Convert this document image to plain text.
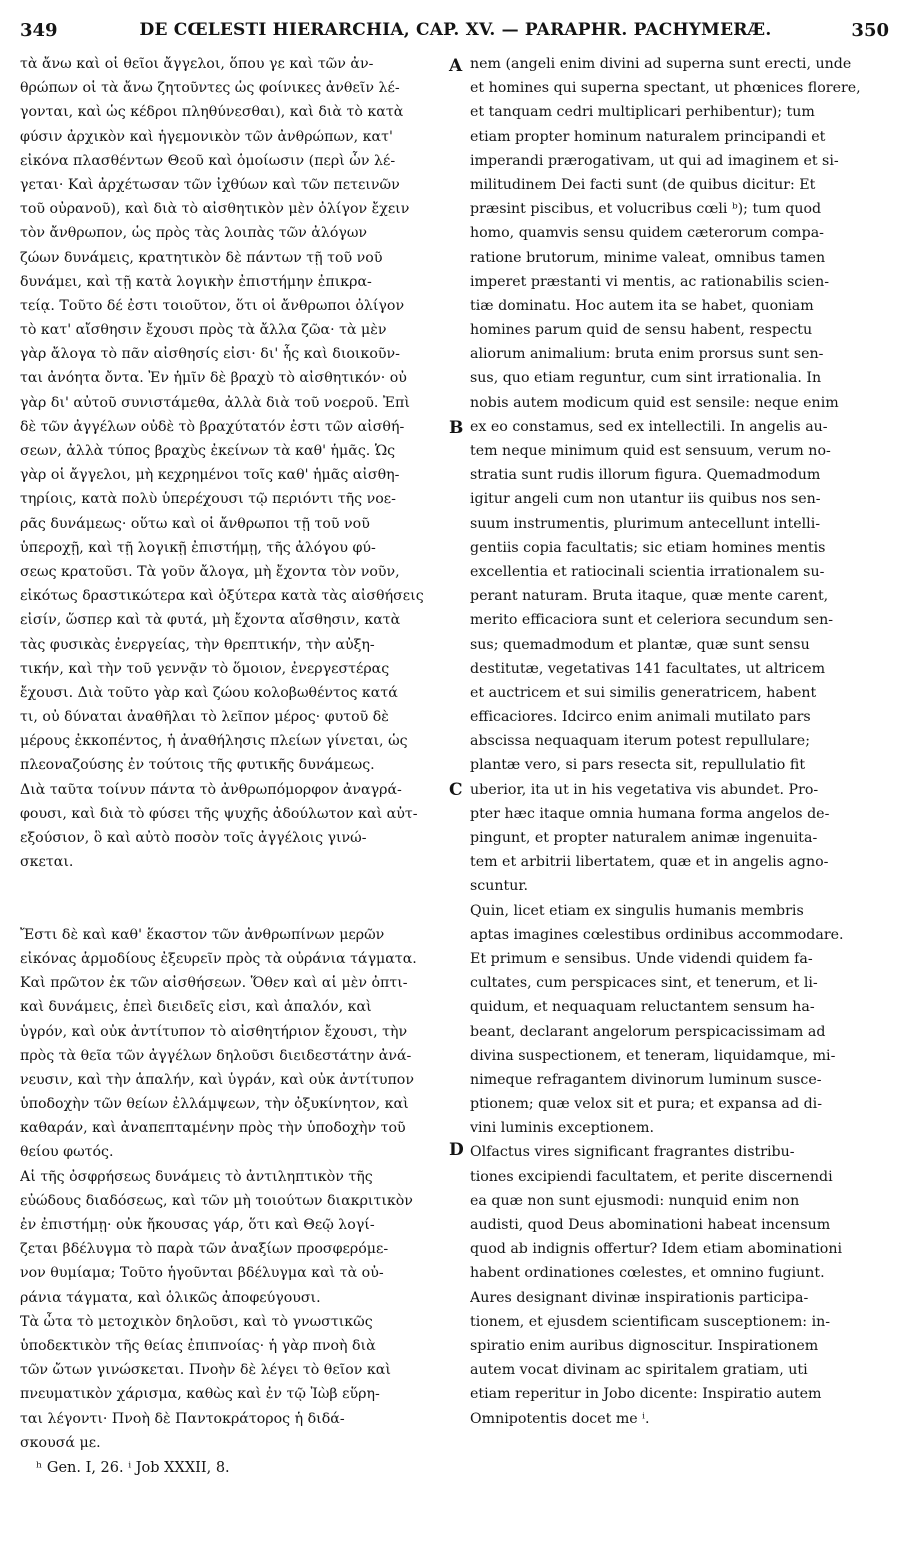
349	DE CŒLESTI HIERARCHIA, CAP. XV. — PARAPHR. PACHYMERÆ.	350
τὰ ἄνω καὶ οἱ θεῖοι ἄγγελοι, ὅπου γε καὶ τῶν ἀν-
θρώπων οἱ τὰ ἄνω ζητοῦντες ὡς φοίνικες ἀνθεῖν λέ-
γονται, καὶ ὡς κέδροι πληθύνεσθαι), καὶ διὰ τὸ κατὰ
φύσιν ἀρχικὸν καὶ ἡγεμονικὸν τῶν ἀνθρώπων, κατ'
εἰκόνα πλασθέντων Θεοῦ καὶ ὁμοίωσιν (περὶ ὧν λέ-
γεται· Καὶ ἀρχέτωσαν τῶν ἰχθύων καὶ τῶν πετεινῶν
τοῦ οὐρανοῦ), καὶ διὰ τὸ αἰσθητικὸν μὲν ὀλίγον ἔχειν
τὸν ἄνθρωπον, ὡς πρὸς τὰς λοιπὰς τῶν ἀλόγων
ζώων δυνάμεις, κρατητικὸν δὲ πάντων τῇ τοῦ νοῦ
δυνάμει, καὶ τῇ κατὰ λογικὴν ἐπιστήμην ἐπικρα-
τείᾳ. Τοῦτο δέ ἐστι τοιοῦτον, ὅτι οἱ ἄνθρωποι ὀλίγον
τὸ κατ' αἴσθησιν ἔχουσι πρὸς τὰ ἄλλα ζῶα· τὰ μὲν
γὰρ ἄλογα τὸ πᾶν αἰσθησίς εἰσι· δι' ἧς καὶ διοικοῦν-
ται ἀνόητα ὄντα. Ἐν ἡμῖν δὲ βραχὺ τὸ αἰσθητικόν· οὐ
γὰρ δι' αὐτοῦ συνιστάμεθα, ἀλλὰ διὰ τοῦ νοεροῦ. Ἐπὶ
δὲ τῶν ἀγγέλων οὐδὲ τὸ βραχύτατόν ἐστι τῶν αἰσθή-
σεων, ἀλλὰ τύπος βραχὺς ἐκείνων τὰ καθ' ἡμᾶς. Ὡς
γὰρ οἱ ἄγγελοι, μὴ κεχρημένοι τοῖς καθ' ἡμᾶς αἰσθη-
τηρίοις, κατὰ πολὺ ὑπερέχουσι τῷ περιόντι τῆς νοε-
ρᾶς δυνάμεως· οὕτω καὶ οἱ ἄνθρωποι τῇ τοῦ νοῦ
ὑπεροχῇ, καὶ τῇ λογικῇ ἐπιστήμῃ, τῆς ἀλόγου φύ-
σεως κρατοῦσι. Τὰ γοῦν ἄλογα, μὴ ἔχοντα τὸν νοῦν,
εἰκότως δραστικώτερα καὶ ὀξύτερα κατὰ τὰς αἰσθήσεις
εἰσίν, ὥσπερ καὶ τὰ φυτά, μὴ ἔχοντα αἴσθησιν, κατὰ
τὰς φυσικὰς ἐνεργείας, τὴν θρεπτικήν, τὴν αὐξη-
τικήν, καὶ τὴν τοῦ γεννᾷν τὸ ὅμοιον, ἐνεργεστέρας
ἔχουσι. Διὰ τοῦτο γὰρ καὶ ζώου κολοβωθέντος κατά
τι, οὐ δύναται ἀναθῆλαι τὸ λεῖπον μέρος· φυτοῦ δὲ
μέρους ἐκκοπέντος, ἡ ἀναθήλησις πλείων γίνεται, ὡς
πλεοναζούσης ἐν τούτοις τῆς φυτικῆς δυνάμεως.
Διὰ ταῦτα τοίνυν πάντα τὸ ἀνθρωπόμορφον ἀναγρά-
φουσι, καὶ διὰ τὸ φύσει τῆς ψυχῆς ἀδούλωτον καὶ αὐτ-
εξούσιον, ὃ καὶ αὐτὸ ποσὸν τοῖς ἀγγέλοις γινώ-
σκεται.
Ἔστι δὲ καὶ καθ' ἕκαστον τῶν ἀνθρωπίνων μερῶν
εἰκόνας ἁρμοδίους ἐξευρεῖν πρὸς τὰ οὐράνια τάγματα.
Καὶ πρῶτον ἐκ τῶν αἰσθήσεων. Ὅθεν καὶ αἱ μὲν ὀπτι-
καὶ δυνάμεις, ἐπεὶ διειδεῖς εἰσι, καὶ ἁπαλόν, καὶ
ὑγρόν, καὶ οὐκ ἀντίτυπον τὸ αἰσθητήριον ἔχουσι, τὴν
πρὸς τὰ θεῖα τῶν ἀγγέλων δηλοῦσι διειδεστάτην ἀνά-
νευσιν, καὶ τὴν ἁπαλήν, καὶ ὑγράν, καὶ οὐκ ἀντίτυπον
ὑποδοχὴν τῶν θείων ἐλλάμψεων, τὴν ὀξυκίνητον, καὶ
καθαράν, καὶ ἀναπεπταμένην πρὸς τὴν ὑποδοχὴν τοῦ
θείου φωτός.
Αἱ τῆς ὀσφρήσεως δυνάμεις τὸ ἀντιληπτικὸν τῆς
εὐώδους διαδόσεως, καὶ τῶν μὴ τοιούτων διακριτικὸν
ἐν ἐπιστήμῃ· οὐκ ἤκουσας γάρ, ὅτι καὶ Θεῷ λογί-
ζεται βδέλυγμα τὸ παρὰ τῶν ἀναξίων προσφερόμε-
νον θυμίαμα; Τοῦτο ἡγοῦνται βδέλυγμα καὶ τὰ οὐ-
ράνια τάγματα, καὶ ὁλικῶς ἀποφεύγουσι.
Τὰ ὦτα τὸ μετοχικὸν δηλοῦσι, καὶ τὸ γνωστικῶς
ὑποδεκτικὸν τῆς θείας ἐπιπνοίας· ἡ γὰρ πνοὴ διὰ
τῶν ὤτων γινώσκεται. Πνοὴν δὲ λέγει τὸ θεῖον καὶ
πνευματικὸν χάρισμα, καθὼς καὶ ἐν τῷ Ἰὼβ εὕρη-
ται λέγοντι· Πνοὴ δὲ Παντοκράτορος ἡ διδά-
σκουσά με.
nem (angeli enim divini ad superna sunt erecti, unde
et homines qui superna spectant, ut phœnices florere,
et tanquam cedri multiplicari perhibentur); tum
etiam propter hominum naturalem principandi et
imperandi prærogativam, ut qui ad imaginem et si-
militudinem Dei facti sunt (de quibus dicitur: Et
præsint piscibus, et volucribus cœli ᵇ); tum quod
homo, quamvis sensu quidem cæterorum compa-
ratione brutorum, minime valeat, omnibus tamen
imperet præstanti vi mentis, ac rationabilis scien-
tiæ dominatu. Hoc autem ita se habet, quoniam
homines parum quid de sensu habent, respectu
aliorum animalium: bruta enim prorsus sunt sen-
sus, quo etiam reguntur, cum sint irrationalia. In
nobis autem modicum quid est sensile: neque enim
ex eo constamus, sed ex intellectili. In angelis au-
tem neque minimum quid est sensuum, verum no-
stratia sunt rudis illorum figura. Quemadmodum
igitur angeli cum non utantur iis quibus nos sen-
suum instrumentis, plurimum antecellunt intelli-
gentiis copia facultatis; sic etiam homines mentis
excellentia et ratiocinali scientia irrationalem su-
perant naturam. Bruta itaque, quæ mente carent,
merito efficaciora sunt et celeriora secundum sen-
sus; quemadmodum et plantæ, quæ sunt sensu
destitutæ, vegetativas 141 facultates, ut altricem
et auctricem et sui similis generatricem, habent
efficaciores. Idcirco enim animali mutilato pars
abscissa nequaquam iterum potest repullulare;
plantæ vero, si pars resecta sit, repullulatio fit
uberior, ita ut in his vegetativa vis abundet. Pro-
pter hæc itaque omnia humana forma angelos de-
pingunt, et propter naturalem animæ ingenuita-
tem et arbitrii libertatem, quæ et in angelis agno-
scuntur.
Quin, licet etiam ex singulis humanis membris
aptas imagines cœlestibus ordinibus accommodare.
Et primum e sensibus. Unde videndi quidem fa-
cultates, cum perspicaces sint, et tenerum, et li-
quidum, et nequaquam reluctantem sensum ha-
beant, declarant angelorum perspicacissimam ad
divina suspectionem, et teneram, liquidamque, mi-
nimeque refragantem divinorum luminum susce-
ptionem; quæ velox sit et pura; et expansa ad di-
vini luminis exceptionem.
Olfactus vires significant fragrantes distribu-
tiones excipiendi facultatem, et perite discernendi
ea quæ non sunt ejusmodi: nunquid enim non
audisti, quod Deus abominationi habeat incensum
quod ab indignis offertur? Idem etiam abominationi
habent ordinationes cœlestes, et omnino fugiunt.
Aures designant divinæ inspirationis participa-
tionem, et ejusdem scientificam susceptionem: in-
spiratio enim auribus dignoscitur. Inspirationem
autem vocat divinam ac spiritalem gratiam, uti
etiam reperitur in Jobo dicente: Inspiratio autem
Omnipotentis docet me ⁱ.
A
B
C
D
ʰ Gen. I, 26. ⁱ Job XXXII, 8.
